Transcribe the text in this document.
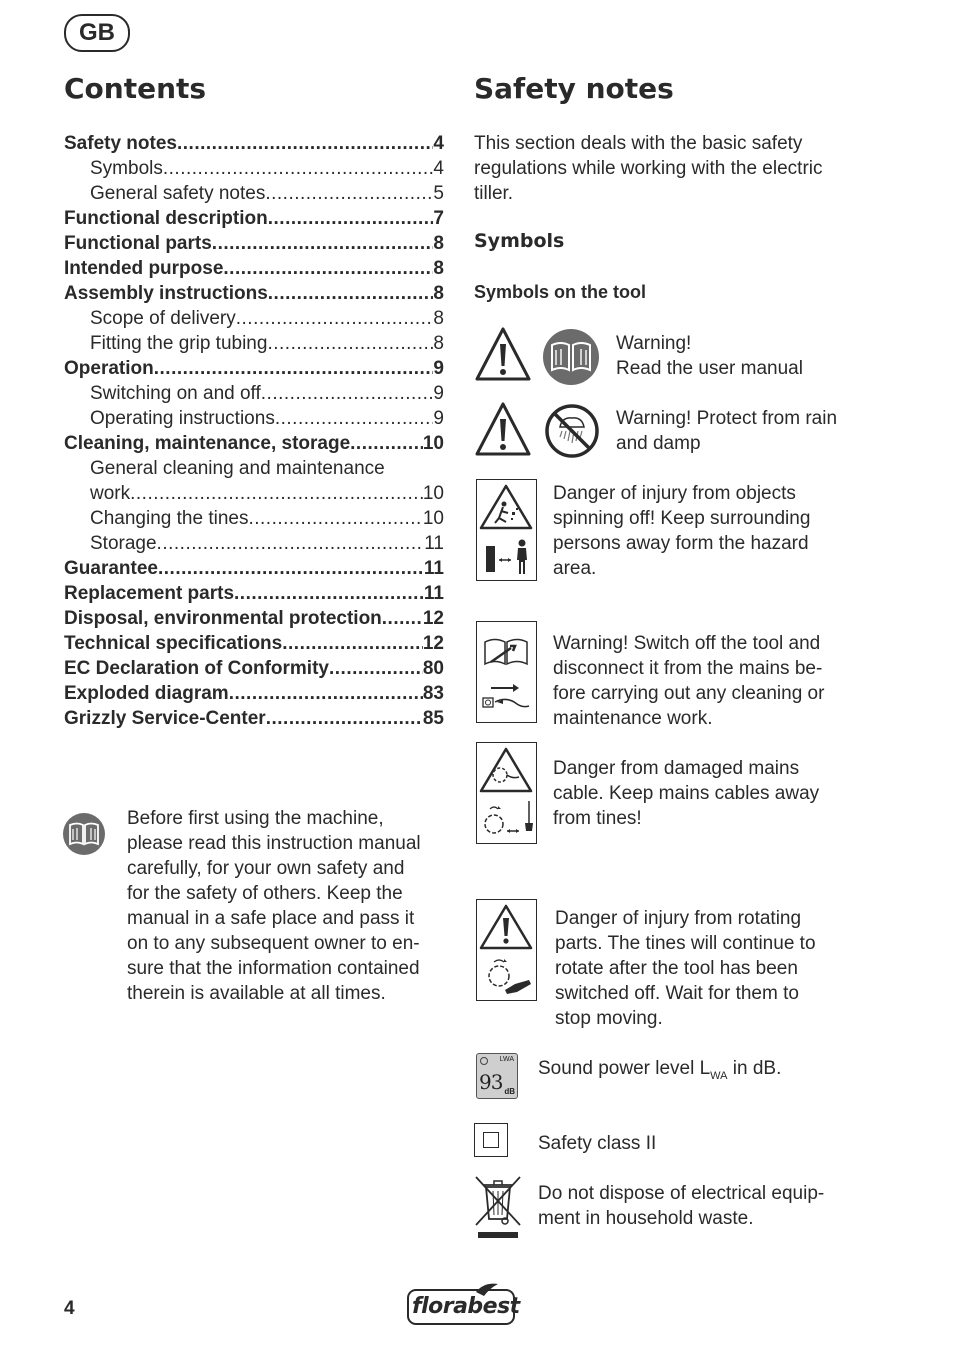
GB
Contents	Safety notes
Safety notes .....	4
Symbols .....	4
General safety notes .....	5
Functional description .....	7
Functional parts .....	8
Intended purpose .....	8
Assembly instructions .....	8
Scope of delivery .....	8
Fitting the grip tubing .....	8
Operation .....	9
Switching on and off .....	9
Operating instructions .....	9
Cleaning, maintenance, storage .....	10
General cleaning and maintenance
work .....	10
Changing the tines .....	10
Storage .....	11
Guarantee .....	11
Replacement parts .....	11
Disposal, environmental protection ..... 12
Technical specifications .....	12
EC Declaration of Conformity .....	80
Exploded diagram .....	83
Grizzly Service-Center .....	85
Before first using the machine,
please read this instruction manual
carefully, for your own safety and
for the safety of others. Keep the
manual in a safe place and pass it
on to any subsequent owner to en-
sure that the information contained
therein is available at all times.
This section deals with the basic safety
regulations while working with the electric
tiller.
Symbols
Symbols on the tool
Warning!
Read the user manual
Warning! Protect from rain
and damp
Danger of injury from objects
spinning off! Keep surrounding
persons away form the hazard
area.
Warning! Switch off the tool and
disconnect it from the mains be-
fore carrying out any cleaning or
maintenance work.
Danger from damaged mains
cable. Keep mains cables away
from tines!
Danger of injury from rotating
parts. The tines will continue to
rotate after the tool has been
switched off. Wait for them to
stop moving.
LWA
93 dB
Sound power level $L_{WA}$ in dB.
Safety class II
Do not dispose of electrical equip-
ment in household waste.
4	florabest
